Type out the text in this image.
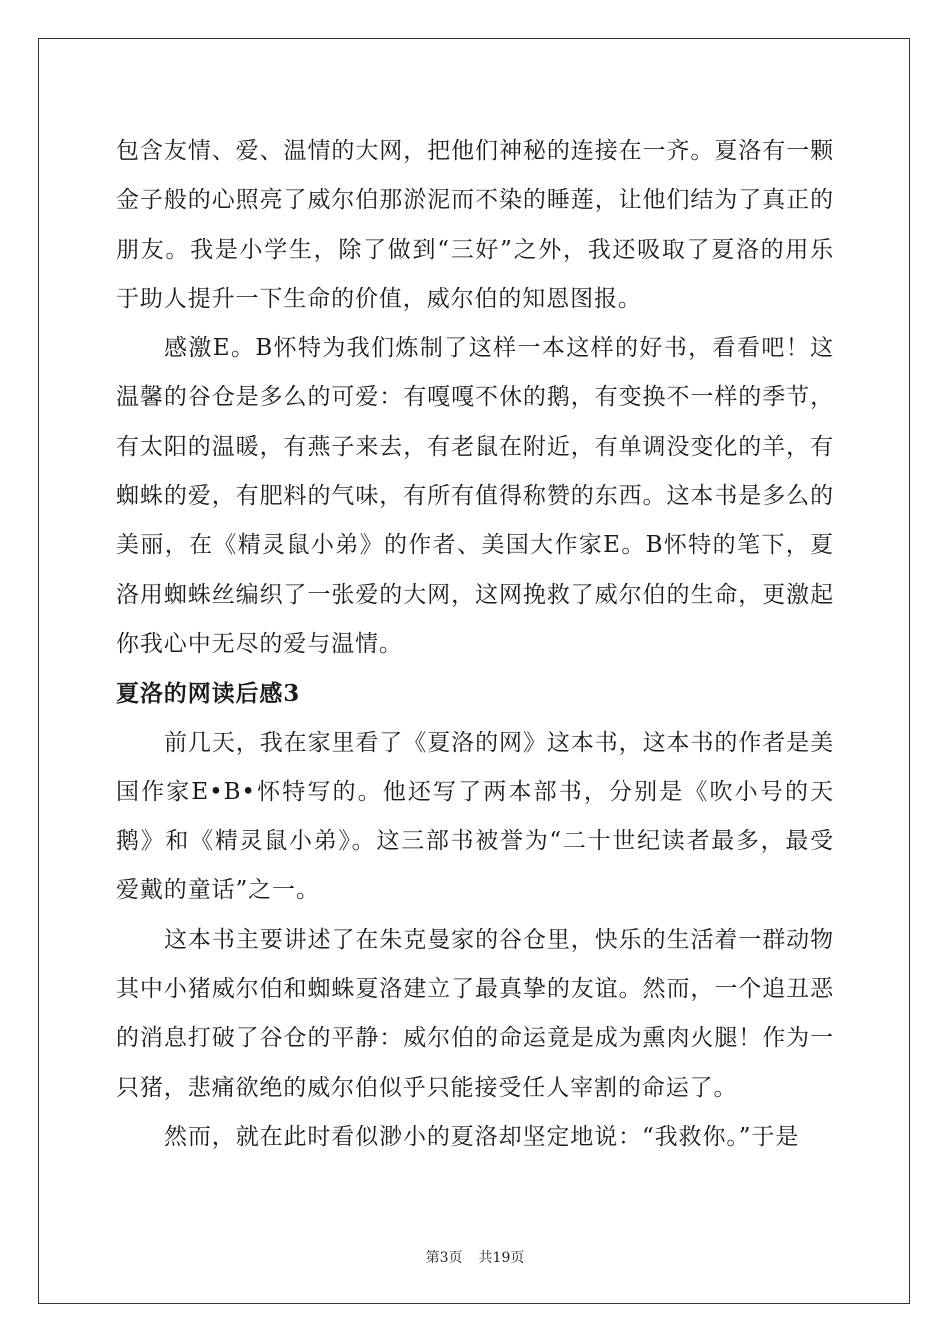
包含友情、爱、温情的大网，把他们神秘的连接在一齐。夏洛有一颗金子般的心照亮了威尔伯那淤泥而不染的睡莲，让他们结为了真正的朋友。我是小学生，除了做到“三好”之外，我还吸取了夏洛的用乐于助人提升一下生命的价值，威尔伯的知恩图报。

感激E。B怀特为我们炼制了这样一本这样的好书，看看吧！这温馨的谷仓是多么的可爱：有嘎嘎不休的鹅，有变换不一样的季节，有太阳的温暖，有燕子来去，有老鼠在附近，有单调没变化的羊，有蜘蛛的爱，有肥料的气味，有所有值得称赞的东西。这本书是多么的美丽，在《精灵鼠小弟》的作者、美国大作家E。B怀特的笔下，夏洛用蜘蛛丝编织了一张爱的大网，这网挽救了威尔伯的生命，更激起你我心中无尽的爱与温情。

夏洛的网读后感3

前几天，我在家里看了《夏洛的网》这本书，这本书的作者是美国作家E•B•怀特写的。他还写了两本部书，分别是《吹小号的天鹅》和《精灵鼠小弟》。这三部书被誉为“二十世纪读者最多，最受爱戴的童话”之一。

这本书主要讲述了在朱克曼家的谷仓里，快乐的生活着一群动物其中小猪威尔伯和蜘蛛夏洛建立了最真挚的友谊。然而，一个追丑恶的消息打破了谷仓的平静：威尔伯的命运竟是成为熏肉火腿！作为一只猪，悲痛欲绝的威尔伯似乎只能接受任人宰割的命运了。

然而，就在此时看似渺小的夏洛却坚定地说：“我救你。”于是

第3页 共19页
